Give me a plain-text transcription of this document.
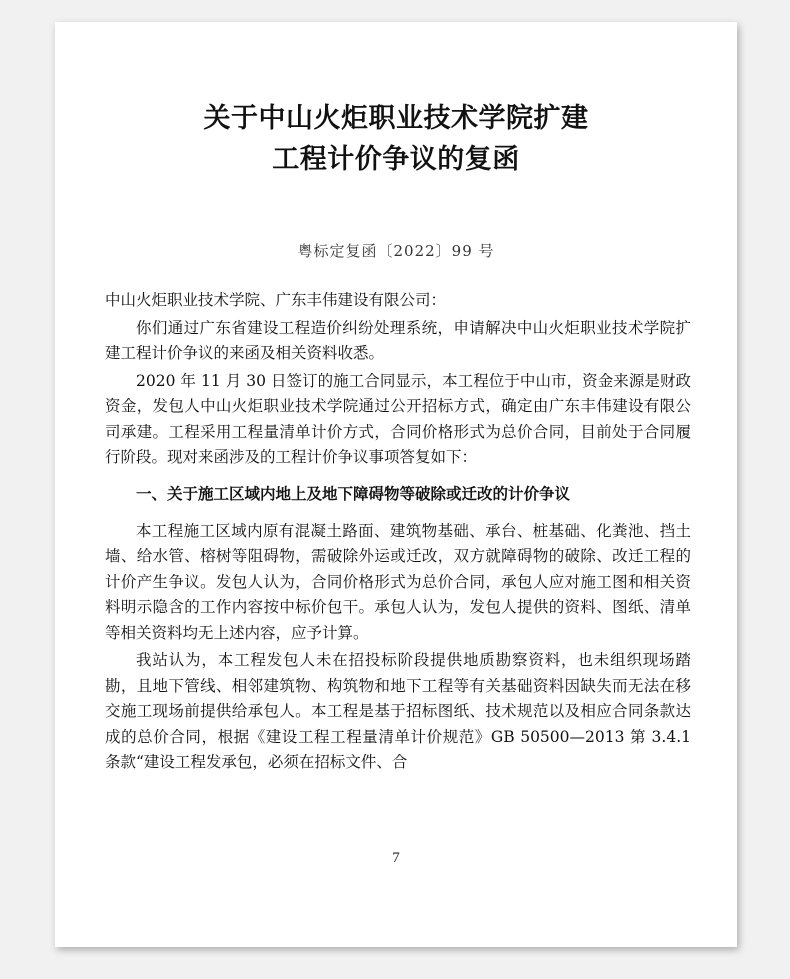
关于中山火炬职业技术学院扩建
工程计价争议的复函
粤标定复函〔2022〕99 号

中山火炬职业技术学院、广东丰伟建设有限公司：

你们通过广东省建设工程造价纠纷处理系统，申请解决中山火炬职业技术学院扩建工程计价争议的来函及相关资料收悉。

2020 年 11 月 30 日签订的施工合同显示，本工程位于中山市，资金来源是财政资金，发包人中山火炬职业技术学院通过公开招标方式，确定由广东丰伟建设有限公司承建。工程采用工程量清单计价方式，合同价格形式为总价合同，目前处于合同履行阶段。现对来函涉及的工程计价争议事项答复如下：

一、关于施工区域内地上及地下障碍物等破除或迁改的计价争议

本工程施工区域内原有混凝土路面、建筑物基础、承台、桩基础、化粪池、挡土墙、给水管、榕树等阻碍物，需破除外运或迁改，双方就障碍物的破除、改迁工程的计价产生争议。发包人认为，合同价格形式为总价合同，承包人应对施工图和相关资料明示隐含的工作内容按中标价包干。承包人认为，发包人提供的资料、图纸、清单等相关资料均无上述内容，应予计算。

我站认为，本工程发包人未在招投标阶段提供地质勘察资料，也未组织现场踏勘，且地下管线、相邻建筑物、构筑物和地下工程等有关基础资料因缺失而无法在移交施工现场前提供给承包人。本工程是基于招标图纸、技术规范以及相应合同条款达成的总价合同，根据《建设工程工程量清单计价规范》GB 50500—2013 第 3.4.1 条款“建设工程发承包，必须在招标文件、合

7
